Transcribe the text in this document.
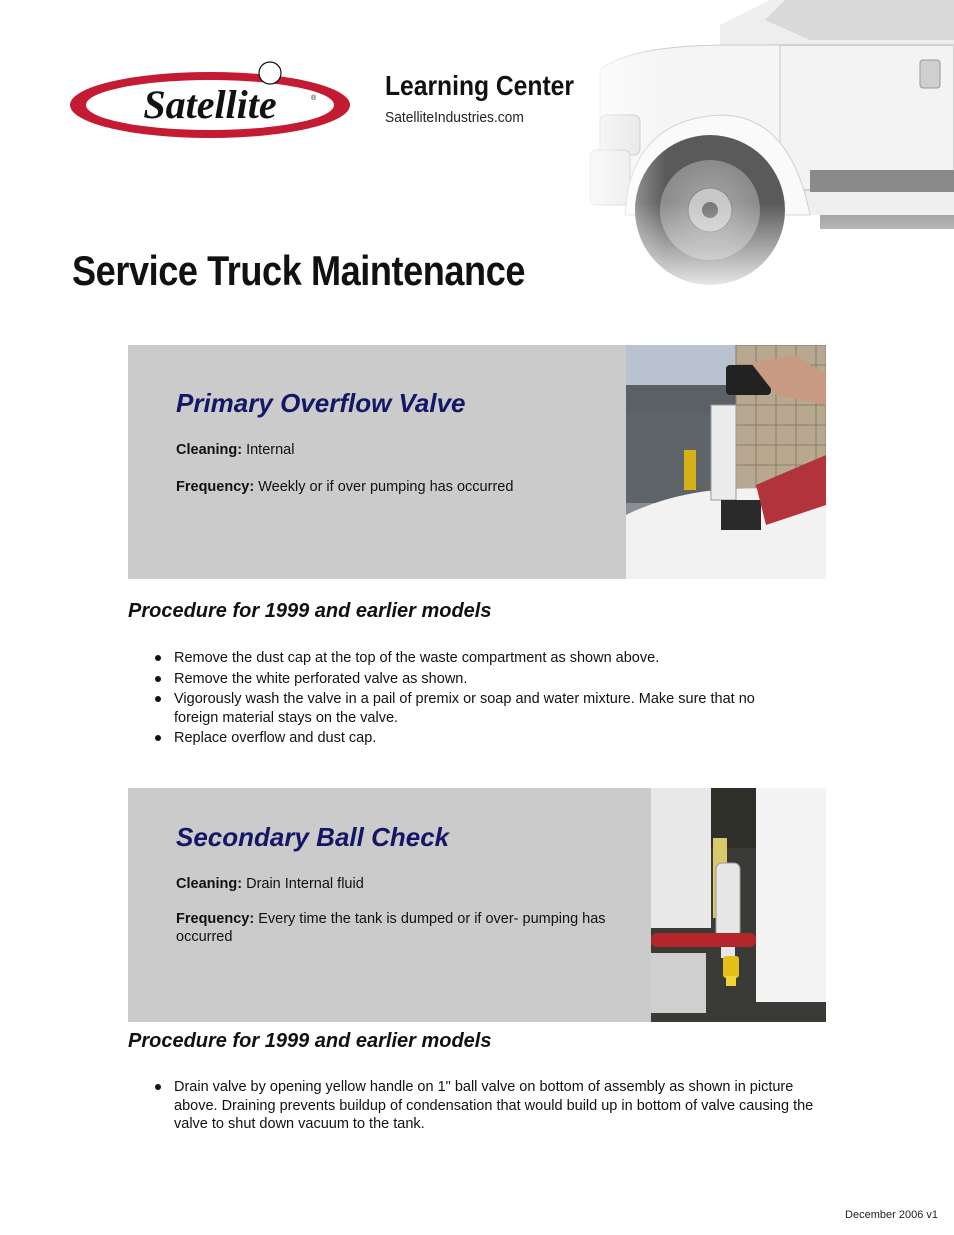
Satellite	® Learning Center
SatelliteIndustries.com
Service Truck Maintenance
Primary Overflow Valve
Cleaning: Internal
Frequency: Weekly or if over pumping has occurred
Procedure for 1999 and earlier models
Remove the dust cap at the top of the waste compartment as shown above.
Remove the white perforated valve as shown.
Vigorously wash the valve in a pail of premix or soap and water mixture. Make sure that no foreign material stays on the valve.
Replace overflow and dust cap.
Secondary Ball Check
Cleaning: Drain Internal fluid
Frequency: Every time the tank is dumped or if over- pumping has occurred
Procedure for 1999 and earlier models
Drain valve by opening yellow handle on 1" ball valve on bottom of assembly as shown in picture above. Draining prevents buildup of condensation that would build up in bottom of valve causing the valve to shut down vacuum to the tank.
December 2006 v1
